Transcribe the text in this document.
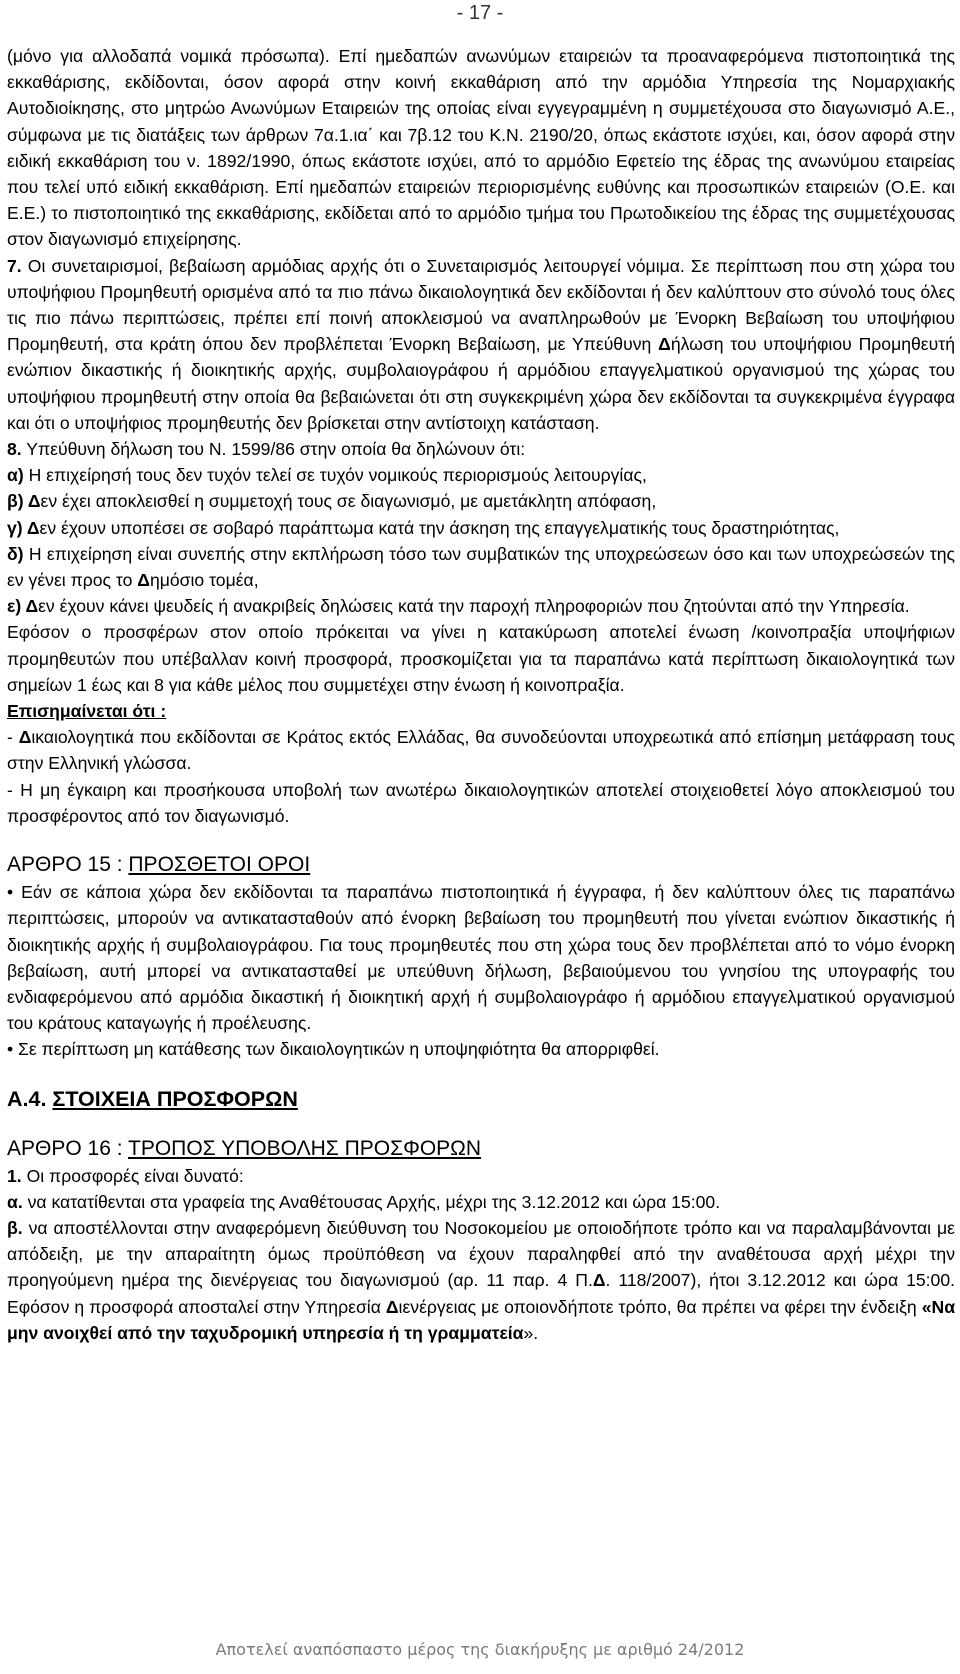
- 17 -

(μόνο για αλλοδαπά νομικά πρόσωπα). Επί ημεδαπών ανωνύμων εταιρειών τα προαναφερόμενα πιστοποιητικά της εκκαθάρισης, εκδίδονται, όσον αφορά στην κοινή εκκαθάριση από την αρμόδια Υπηρεσία της Νομαρχιακής Αυτοδιοίκησης, στο μητρώο Ανωνύμων Εταιρειών της οποίας είναι εγγεγραμμένη η συμμετέχουσα στο διαγωνισμό Α.Ε., σύμφωνα με τις διατάξεις των άρθρων 7α.1.ια΄ και 7β.12 του Κ.Ν. 2190/20, όπως εκάστοτε ισχύει, και, όσον αφορά στην ειδική εκκαθάριση του ν. 1892/1990, όπως εκάστοτε ισχύει, από το αρμόδιο Εφετείο της έδρας της ανωνύμου εταιρείας που τελεί υπό ειδική εκκαθάριση. Επί ημεδαπών εταιρειών περιορισμένης ευθύνης και προσωπικών εταιρειών (Ο.Ε. και Ε.Ε.) το πιστοποιητικό της εκκαθάρισης, εκδίδεται από το αρμόδιο τμήμα του Πρωτοδικείου της έδρας της συμμετέχουσας στον διαγωνισμό επιχείρησης.

7. Οι συνεταιρισμοί, βεβαίωση αρμόδιας αρχής ότι ο Συνεταιρισμός λειτουργεί νόμιμα. Σε περίπτωση που στη χώρα του υποψήφιου Προμηθευτή ορισμένα από τα πιο πάνω δικαιολογητικά δεν εκδίδονται ή δεν καλύπτουν στο σύνολό τους όλες τις πιο πάνω περιπτώσεις, πρέπει επί ποινή αποκλεισμού να αναπληρωθούν με Ένορκη Βεβαίωση του υποψήφιου Προμηθευτή, στα κράτη όπου δεν προβλέπεται Ένορκη Βεβαίωση, με Υπεύθυνη Δήλωση του υποψήφιου Προμηθευτή ενώπιον δικαστικής ή διοικητικής αρχής, συμβολαιογράφου ή αρμόδιου επαγγελματικού οργανισμού της χώρας του υποψήφιου προμηθευτή στην οποία θα βεβαιώνεται ότι στη συγκεκριμένη χώρα δεν εκδίδονται τα συγκεκριμένα έγγραφα και ότι ο υποψήφιος προμηθευτής δεν βρίσκεται στην αντίστοιχη κατάσταση.

8. Υπεύθυνη δήλωση του Ν. 1599/86 στην οποία θα δηλώνουν ότι:

α) Η επιχείρησή τους δεν τυχόν τελεί σε τυχόν νομικούς περιορισμούς λειτουργίας,

β) Δεν έχει αποκλεισθεί η συμμετοχή τους σε διαγωνισμό, με αμετάκλητη απόφαση,

γ) Δεν έχουν υποπέσει σε σοβαρό παράπτωμα κατά την άσκηση της επαγγελματικής τους δραστηριότητας,

δ) Η επιχείρηση είναι συνεπής στην εκπλήρωση τόσο των συμβατικών της υποχρεώσεων όσο και των υποχρεώσεών της εν γένει προς το Δημόσιο τομέα,

ε) Δεν έχουν κάνει ψευδείς ή ανακριβείς δηλώσεις κατά την παροχή πληροφοριών που ζητούνται από την Υπηρεσία.

Εφόσον ο προσφέρων στον οποίο πρόκειται να γίνει η κατακύρωση αποτελεί ένωση /κοινοπραξία υποψήφιων προμηθευτών που υπέβαλλαν κοινή προσφορά, προσκομίζεται για τα παραπάνω κατά περίπτωση δικαιολογητικά των σημείων 1 έως και 8 για κάθε μέλος που συμμετέχει στην ένωση ή κοινοπραξία.

Επισημαίνεται ότι :

- Δικαιολογητικά που εκδίδονται σε Κράτος εκτός Ελλάδας, θα συνοδεύονται υποχρεωτικά από επίσημη μετάφραση τους στην Ελληνική γλώσσα.

- Η μη έγκαιρη και προσήκουσα υποβολή των ανωτέρω δικαιολογητικών αποτελεί στοιχειοθετεί λόγο αποκλεισμού του προσφέροντος από τον διαγωνισμό.

ΑΡΘΡΟ 15 : ΠΡΟΣΘΕΤΟΙ ΟΡΟΙ

• Εάν σε κάποια χώρα δεν εκδίδονται τα παραπάνω πιστοποιητικά ή έγγραφα, ή δεν καλύπτουν όλες τις παραπάνω περιπτώσεις, μπορούν να αντικατασταθούν από ένορκη βεβαίωση του προμηθευτή που γίνεται ενώπιον δικαστικής ή διοικητικής αρχής ή συμβολαιογράφου. Για τους προμηθευτές που στη χώρα τους δεν προβλέπεται από το νόμο ένορκη βεβαίωση, αυτή μπορεί να αντικατασταθεί με υπεύθυνη δήλωση, βεβαιούμενου του γνησίου της υπογραφής του ενδιαφερόμενου από αρμόδια δικαστική ή διοικητική αρχή ή συμβολαιογράφο ή αρμόδιου επαγγελματικού οργανισμού του κράτους καταγωγής ή προέλευσης.

• Σε περίπτωση μη κατάθεσης των δικαιολογητικών η υποψηφιότητα θα απορριφθεί.

Α.4. ΣΤΟΙΧΕΙΑ ΠΡΟΣΦΟΡΩΝ

ΑΡΘΡΟ 16 : ΤΡΟΠΟΣ ΥΠΟΒΟΛΗΣ ΠΡΟΣΦΟΡΩΝ

1. Οι προσφορές είναι δυνατό:

α. να κατατίθενται στα γραφεία της Αναθέτουσας Αρχής, μέχρι της 3.12.2012 και ώρα 15:00.

β. να αποστέλλονται στην αναφερόμενη διεύθυνση του Νοσοκομείου με οποιοδήποτε τρόπο και να παραλαμβάνονται με απόδειξη, με την απαραίτητη όμως προϋπόθεση να έχουν παραληφθεί από την αναθέτουσα αρχή μέχρι την προηγούμενη ημέρα της διενέργειας του διαγωνισμού (αρ. 11 παρ. 4 Π.Δ. 118/2007), ήτοι 3.12.2012 και ώρα 15:00. Εφόσον η προσφορά αποσταλεί στην Υπηρεσία Διενέργειας με οποιονδήποτε τρόπο, θα πρέπει να φέρει την ένδειξη «Να μην ανοιχθεί από την ταχυδρομική υπηρεσία ή τη γραμματεία».

Αποτελεί αναπόσπαστο μέρος της διακήρυξης με αριθμό 24/2012
